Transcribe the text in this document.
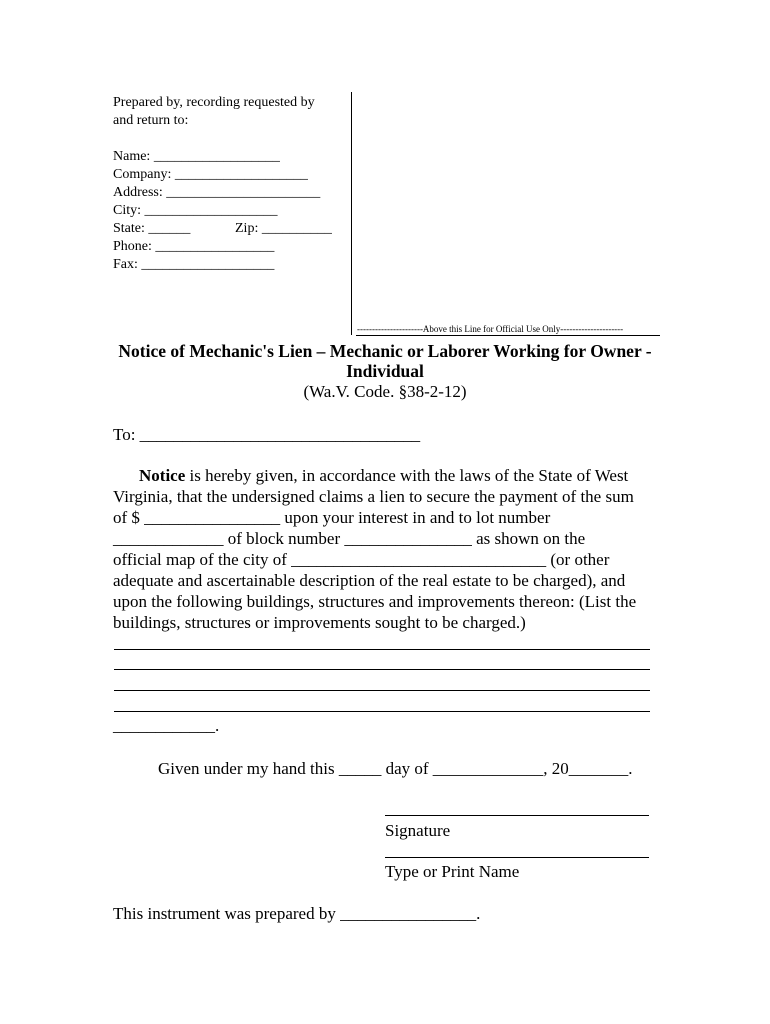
Prepared by, recording requested by
and return to:
Name: __________________
Company: ___________________
Address: ______________________
City: ___________________
State: ______	Zip: __________
Phone: _________________
Fax: ___________________
----------------------Above this Line for Official Use Only---------------------
Notice of Mechanic's Lien – Mechanic or Laborer Working for Owner -
Individual
(Wa.V. Code. §38-2-12)
To: _________________________________
Notice is hereby given, in accordance with the laws of the State of West
Virginia, that the undersigned claims a lien to secure the payment of the sum
of $ ________________ upon your interest in and to lot number
_____________ of block number _______________ as shown on the
official map of the city of ______________________________ (or other
adequate and ascertainable description of the real estate to be charged), and
upon the following buildings, structures and improvements thereon: (List the
buildings, structures or improvements sought to be charged.)
____________.
Given under my hand this _____ day of _____________, 20_______.
Signature
Type or Print Name
This instrument was prepared by ________________.
